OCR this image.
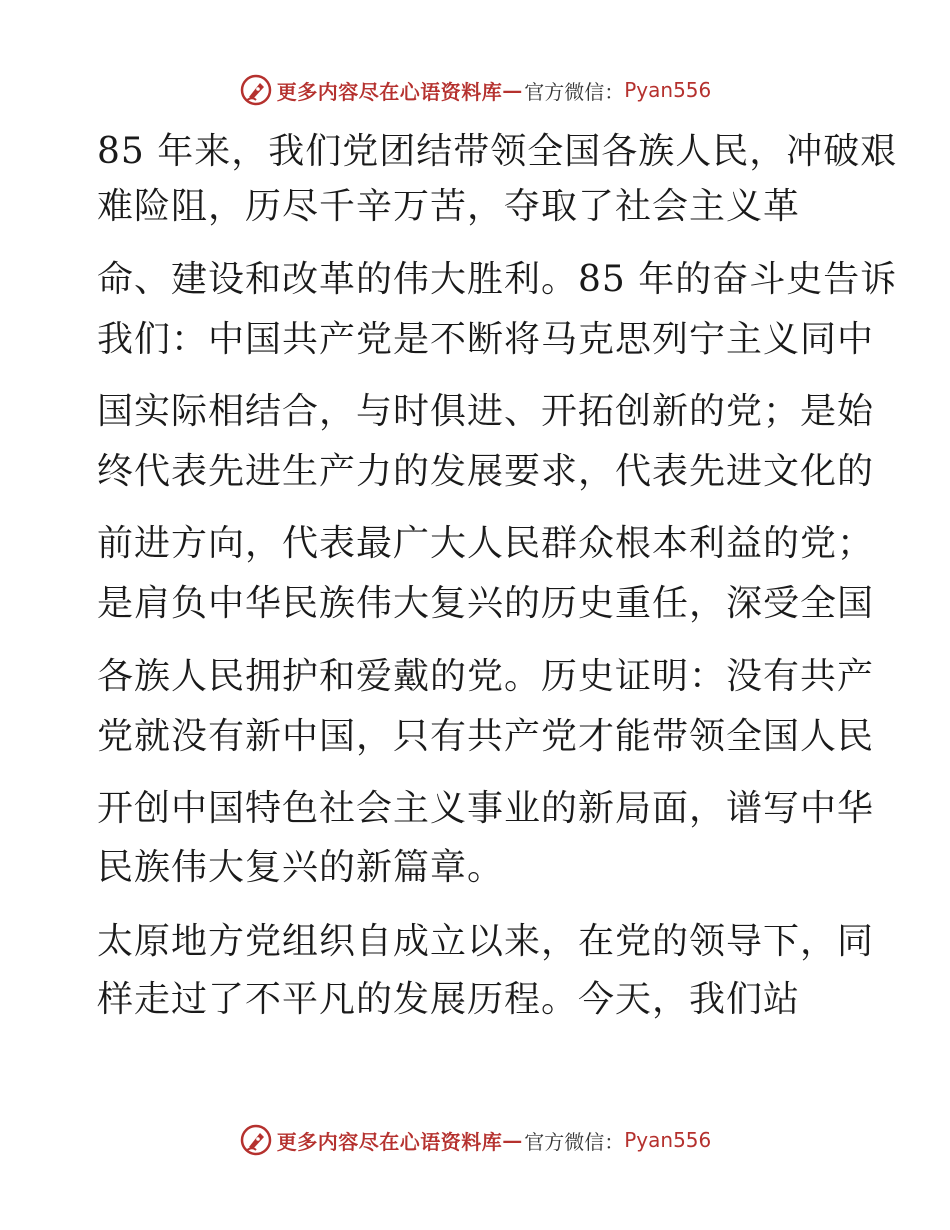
更多内容尽在心语资料库 — 官方微信： Pyan556
85 年来，我们党团结带领全国各族人民，冲破艰
难险阻，历尽千辛万苦，夺取了社会主义革
命、建设和改革的伟大胜利。85 年的奋斗史告诉
我们：中国共产党是不断将马克思列宁主义同中
国实际相结合，与时俱进、开拓创新的党；是始
终代表先进生产力的发展要求，代表先进文化的
前进方向，代表最广大人民群众根本利益的党；
是肩负中华民族伟大复兴的历史重任，深受全国
各族人民拥护和爱戴的党。历史证明：没有共产
党就没有新中国，只有共产党才能带领全国人民
开创中国特色社会主义事业的新局面，谱写中华
民族伟大复兴的新篇章。
太原地方党组织自成立以来，在党的领导下，同
样走过了不平凡的发展历程。今天，我们站
更多内容尽在心语资料库 — 官方微信： Pyan556
